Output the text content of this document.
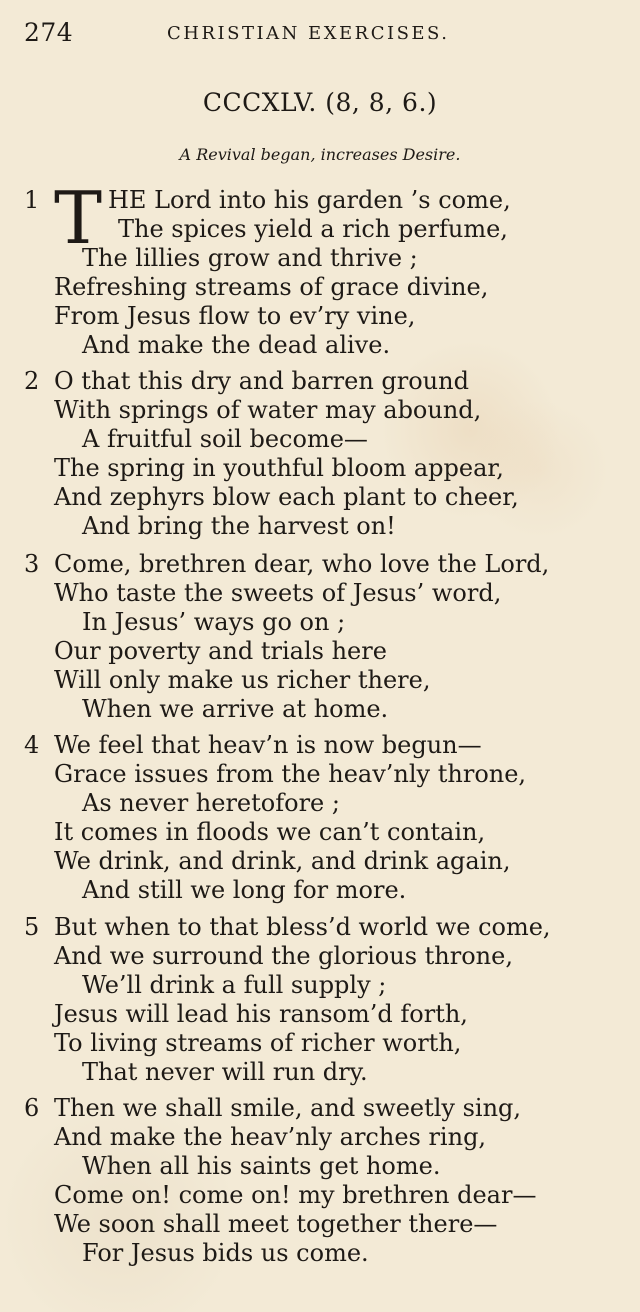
274	CHRISTIAN EXERCISES.
CCCXLV. (8, 8, 6.)
A Revival began, increases Desire.
T
1	HE Lord into his garden ’s come,
The spices yield a rich perfume,
The lillies grow and thrive ;
Refreshing streams of grace divine,
From Jesus flow to ev’ry vine,
And make the dead alive.
2 O that this dry and barren ground
With springs of water may abound,
A fruitful soil become—
The spring in youthful bloom appear,
And zephyrs blow each plant to cheer,
And bring the harvest on!
3 Come, brethren dear, who love the Lord,
Who taste the sweets of Jesus’ word,
In Jesus’ ways go on ;
Our poverty and trials here
Will only make us richer there,
When we arrive at home.
4 We feel that heav’n is now begun—
Grace issues from the heav’nly throne,
As never heretofore ;
It comes in floods we can’t contain,
We drink, and drink, and drink again,
And still we long for more.
5 But when to that bless’d world we come,
And we surround the glorious throne,
We’ll drink a full supply ;
Jesus will lead his ransom’d forth,
To living streams of richer worth,
That never will run dry.
6 Then we shall smile, and sweetly sing,
And make the heav’nly arches ring,
When all his saints get home.
Come on! come on! my brethren dear—
We soon shall meet together there—
For Jesus bids us come.
